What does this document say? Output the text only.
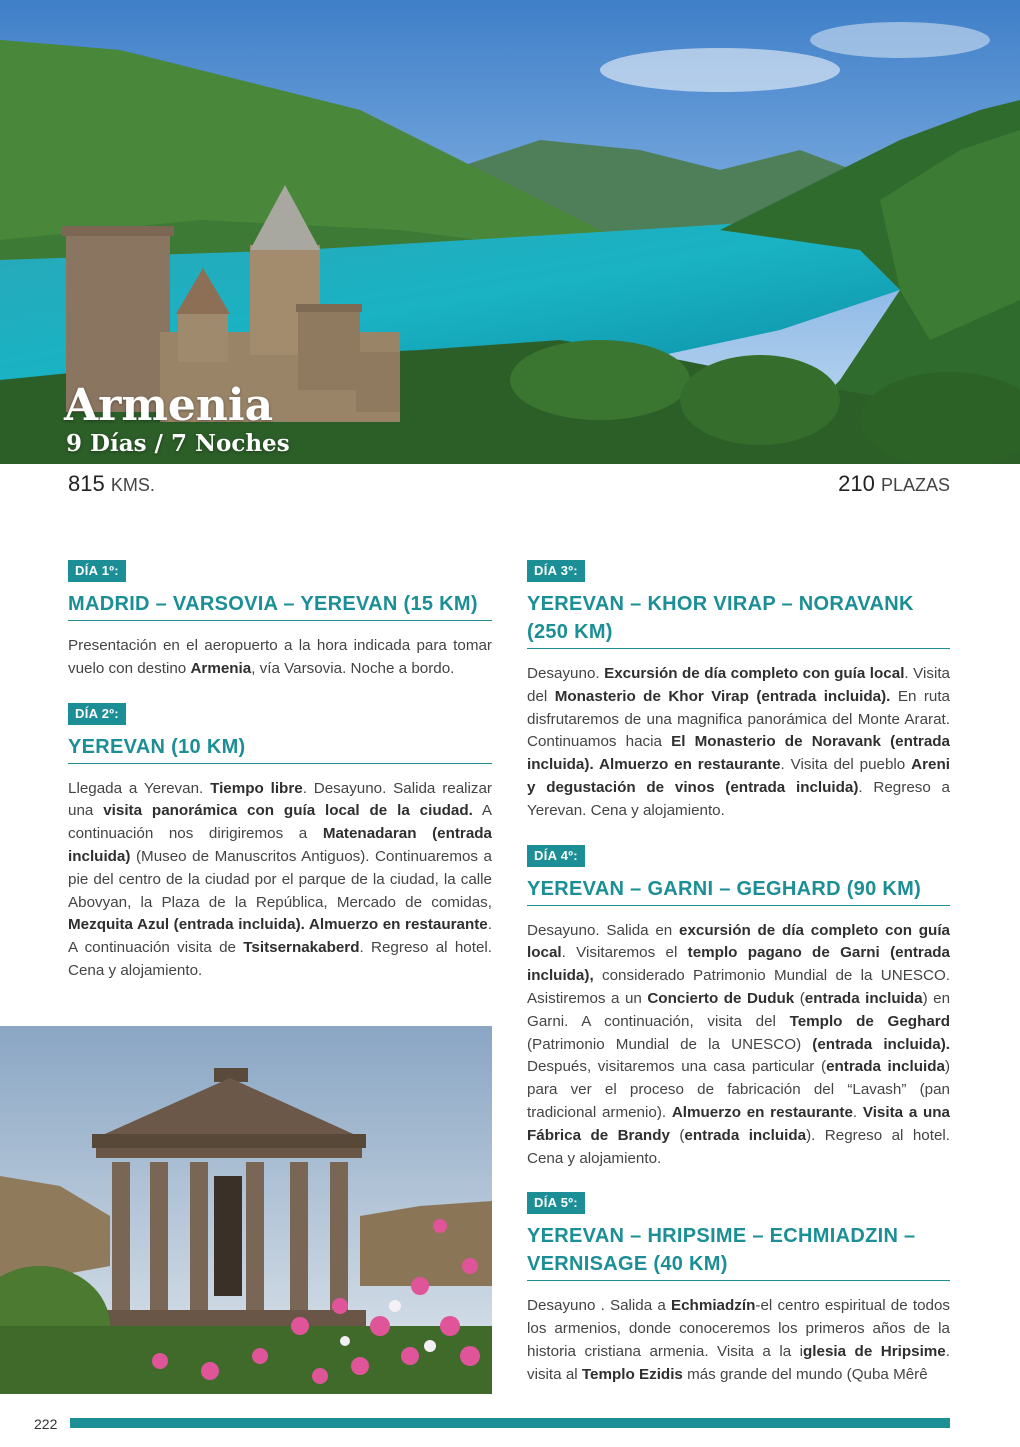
Armenia
9 Días / 7 Noches
815 KMS.	210 PLAZAS
DÍA 1º:
MADRID – VARSOVIA – YEREVAN (15 KM)

Presentación en el aeropuerto a la hora indicada para tomar vuelo con destino Armenia, vía Varsovia. Noche a bordo.

DÍA 2º:
YEREVAN (10 KM)

Llegada a Yerevan. Tiempo libre. Desayuno. Salida realizar una visita panorámica con guía local de la ciudad. A continuación nos dirigiremos a Matenadaran (entrada incluida) (Museo de Manuscritos Antiguos). Continuaremos a pie del centro de la ciudad por el parque de la ciudad, la calle Abovyan, la Plaza de la República, Mercado de comidas, Mezquita Azul (entrada incluida). Almuerzo en restaurante. A continuación visita de Tsitsernakaberd. Regreso al hotel. Cena y alojamiento.

DÍA 3º:
YEREVAN – KHOR VIRAP – NORAVANK (250 KM)

Desayuno. Excursión de día completo con guía local. Visita del Monasterio de Khor Virap (entrada incluida). En ruta disfrutaremos de una magnifica panorámica del Monte Ararat. Continuamos hacia El Monasterio de Noravank (entrada incluida). Almuerzo en restaurante. Visita del pueblo Areni y degustación de vinos (entrada incluida). Regreso a Yerevan. Cena y alojamiento.

DÍA 4º:
YEREVAN – GARNI – GEGHARD (90 KM)

Desayuno. Salida en excursión de día completo con guía local. Visitaremos el templo pagano de Garni (entrada incluida), considerado Patrimonio Mundial de la UNESCO. Asistiremos a un Concierto de Duduk (entrada incluida) en Garni. A continuación, visita del Templo de Geghard (Patrimonio Mundial de la UNESCO) (entrada incluida). Después, visitaremos una casa particular (entrada incluida) para ver el proceso de fabricación del “Lavash” (pan tradicional armenio). Almuerzo en restaurante. Visita a una Fábrica de Brandy (entrada incluida). Regreso al hotel. Cena y alojamiento.

DÍA 5º:
YEREVAN – HRIPSIME – ECHMIADZIN – VERNISAGE (40 KM)

Desayuno . Salida a Echmiadzín-el centro espiritual de todos los armenios, donde conoceremos los primeros años de la historia cristiana armenia. Visita a la iglesia de Hripsime. visita al Templo Ezidis más grande del mundo (Quba Mêrê

222
